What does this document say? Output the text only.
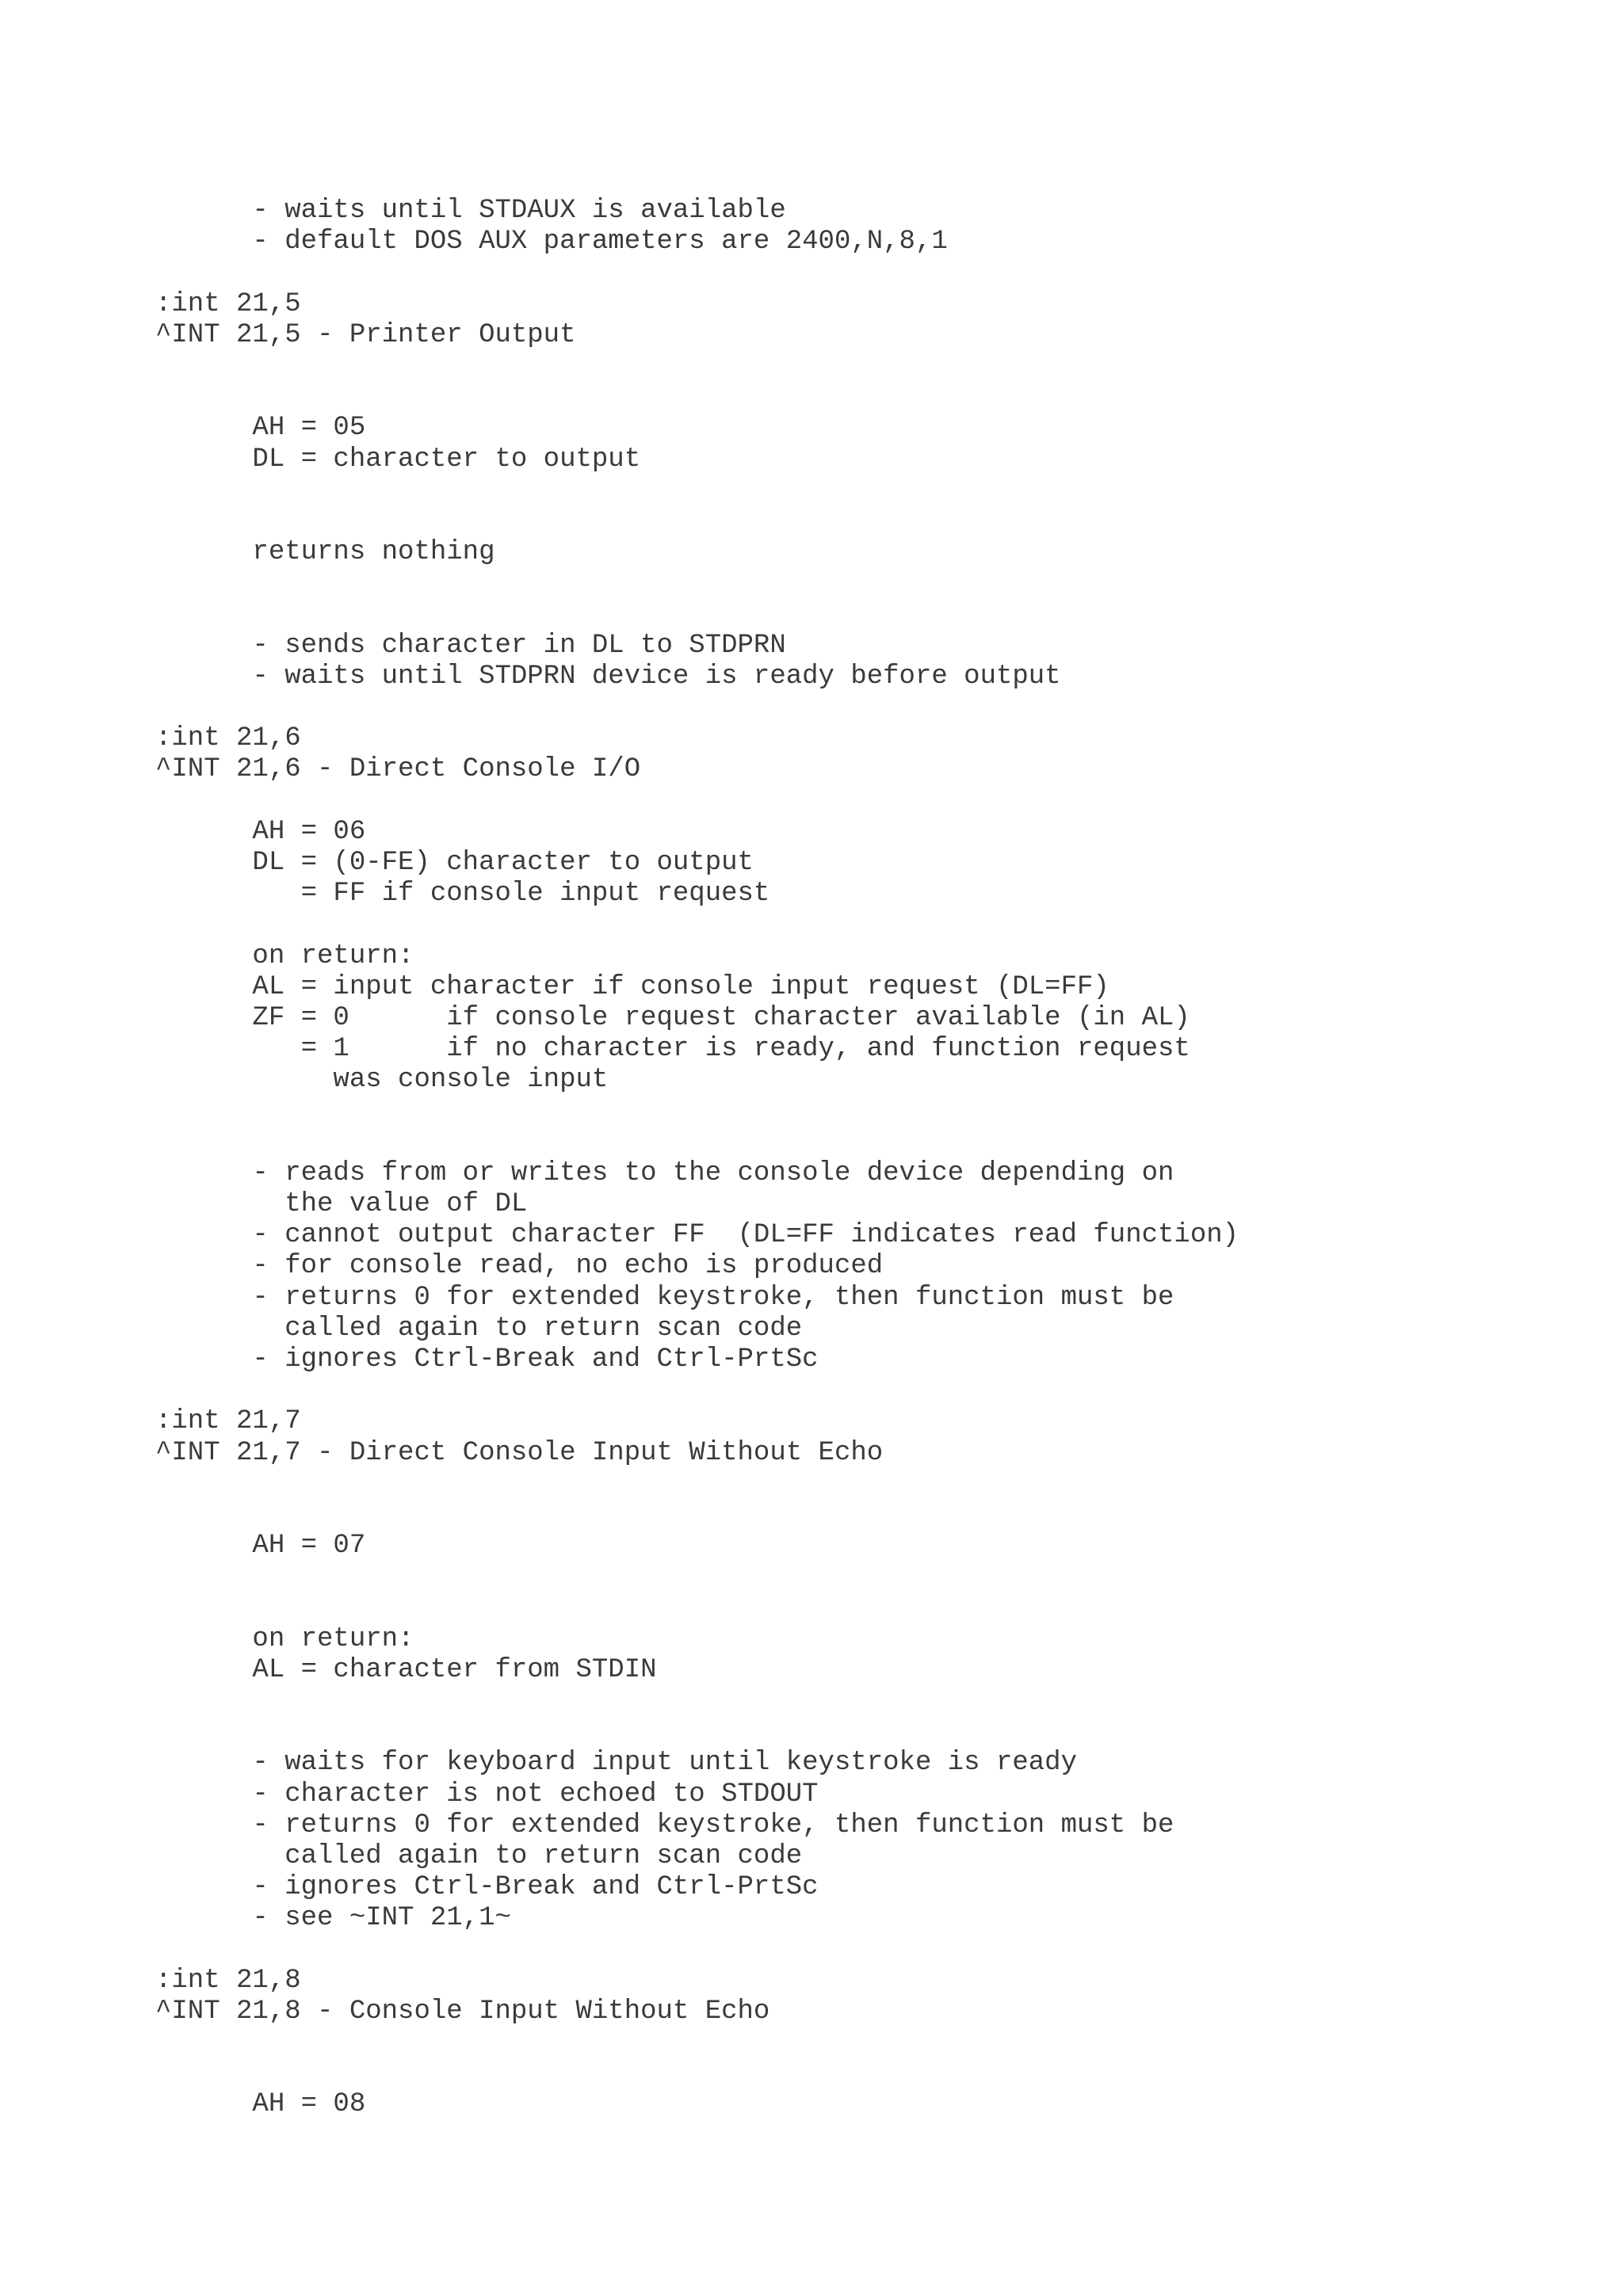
- waits until STDAUX is available
- default DOS AUX parameters are 2400,N,8,1
:int 21,5
^INT 21,5 - Printer Output
AH = 05
DL = character to output
returns nothing
- sends character in DL to STDPRN
- waits until STDPRN device is ready before output
:int 21,6
^INT 21,6 - Direct Console I/O
AH = 06
DL = (0-FE) character to output
= FF if console input request
on return:
AL = input character if console input request (DL=FF)
ZF = 0      if console request character available (in AL)
= 1      if no character is ready, and function request
was console input
- reads from or writes to the console device depending on
the value of DL
- cannot output character FF  (DL=FF indicates read function)
- for console read, no echo is produced
- returns 0 for extended keystroke, then function must be
called again to return scan code
- ignores Ctrl-Break and Ctrl-PrtSc
:int 21,7
^INT 21,7 - Direct Console Input Without Echo
AH = 07
on return:
AL = character from STDIN
- waits for keyboard input until keystroke is ready
- character is not echoed to STDOUT
- returns 0 for extended keystroke, then function must be
called again to return scan code
- ignores Ctrl-Break and Ctrl-PrtSc
- see ~INT 21,1~
:int 21,8
^INT 21,8 - Console Input Without Echo
AH = 08
